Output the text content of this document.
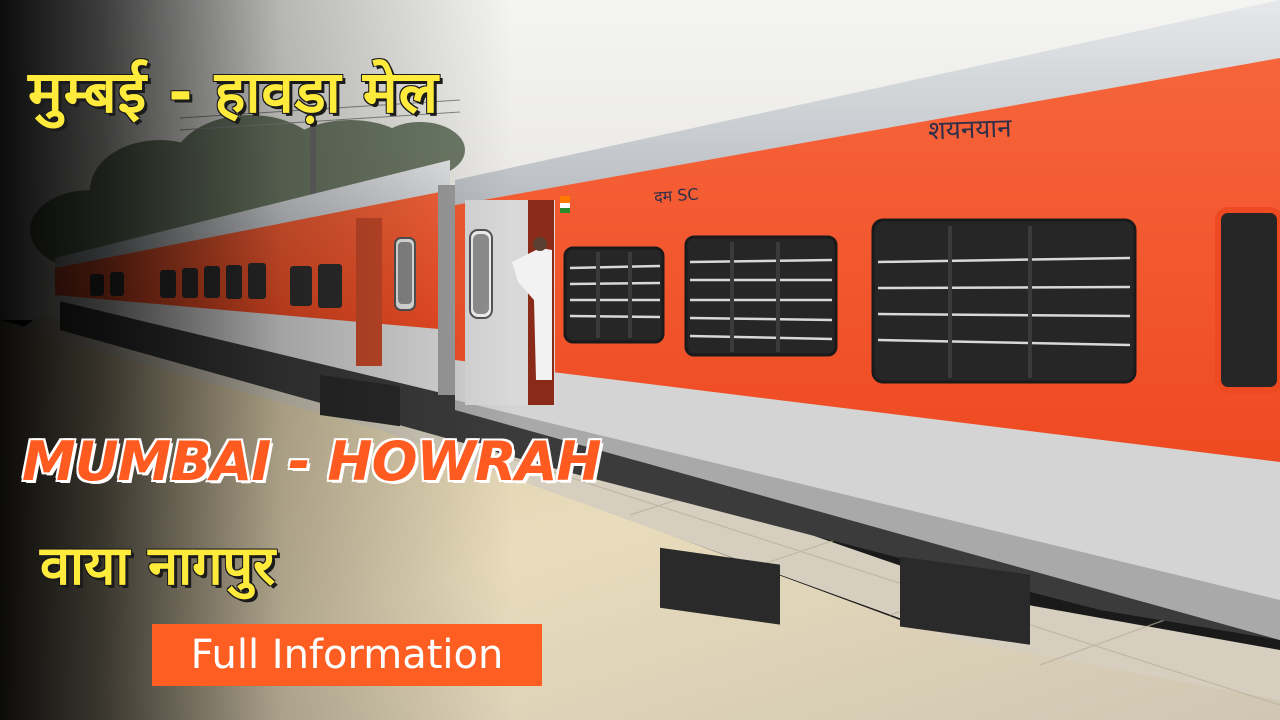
शयनयान
दम SC
मुम्बई - हावड़ा मेल
MUMBAI - HOWRAH
वाया नागपुर
Full Information
